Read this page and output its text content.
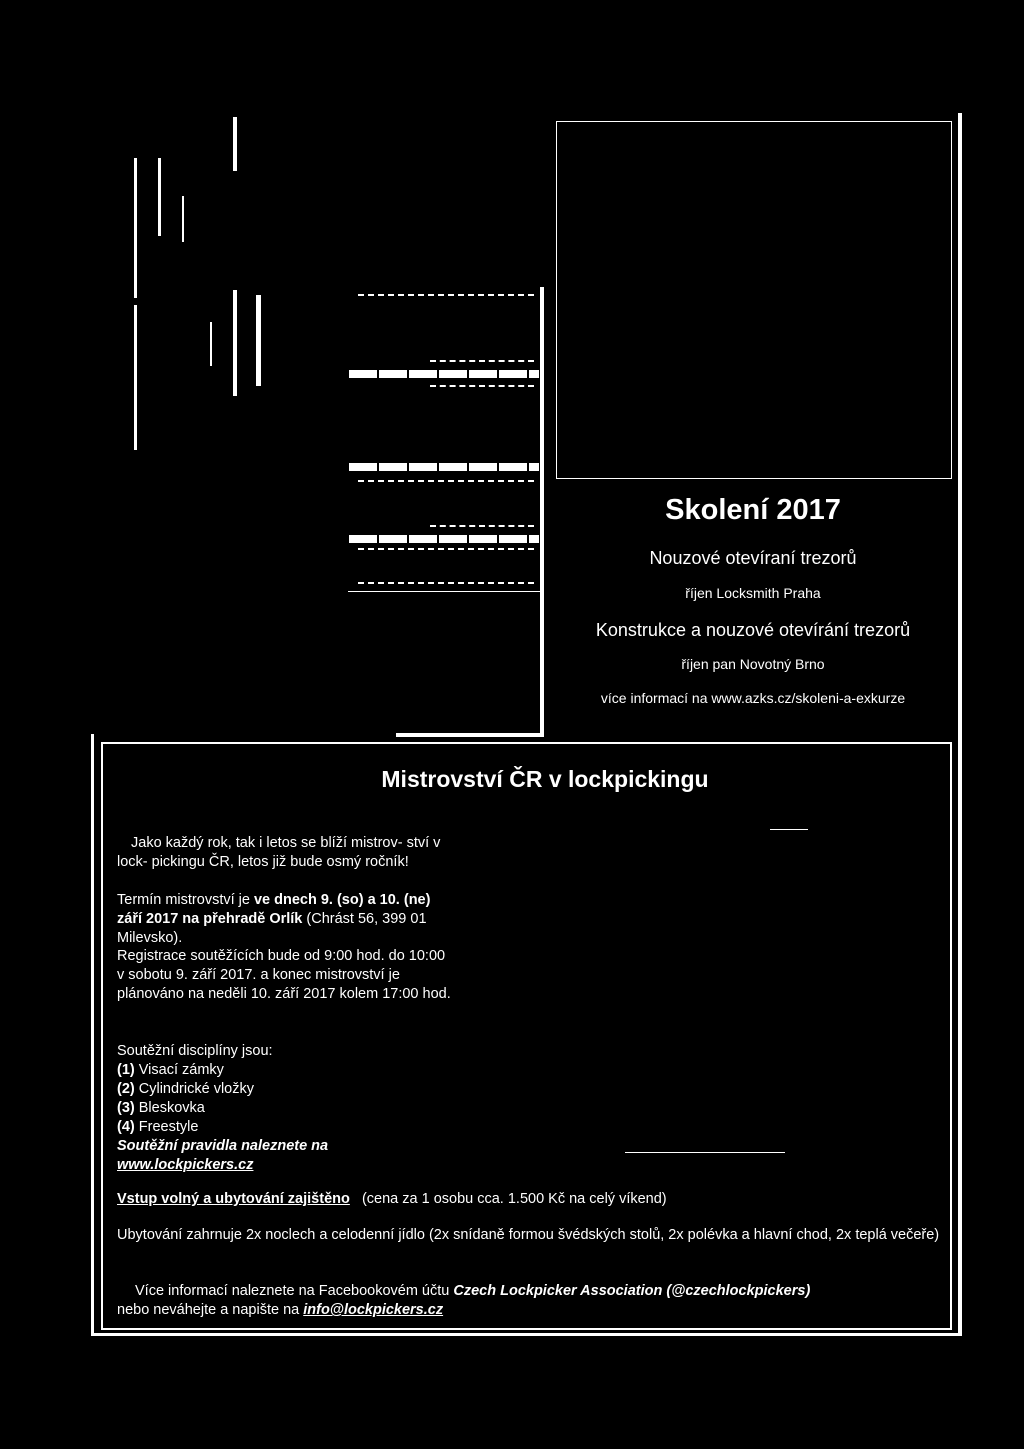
Skolení 2017
Nouzové otevíraní trezorů
říjen Locksmith Praha
Konstrukce a nouzové otevírání trezorů
říjen pan Novotný Brno
více informací na www.azks.cz/skoleni-a-exkurze
Mistrovství ČR v lockpickingu
Jako každý rok, tak i letos se blíží mistrov- ství v lock- pickingu ČR, letos již bude osmý ročník!
Termín mistrovství je ve dnech 9. (so) a 10. (ne) září 2017 na přehradě Orlík (Chrást 56, 399 01 Milevsko).
Registrace soutěžících bude od 9:00 hod. do 10:00 v sobotu 9. září 2017. a konec mistrovství je plánováno na neděli 10. září 2017 kolem 17:00 hod.
Soutěžní disciplíny jsou:
(1) Visací zámky
(2) Cylindrické vložky
(3) Bleskovka
(4) Freestyle
Soutěžní pravidla naleznete na
www.lockpickers.cz
Vstup volný a ubytování zajištěno (cena za 1 osobu cca. 1.500 Kč na celý víkend)
Ubytování zahrnuje 2x noclech a celodenní jídlo (2x snídaně formou švédských stolů, 2x polévka a hlavní chod, 2x teplá večeře)
Více informací naleznete na Facebookovém účtu Czech Lockpicker Association (@czechlockpickers)
nebo neváhejte a napište na info@lockpickers.cz
